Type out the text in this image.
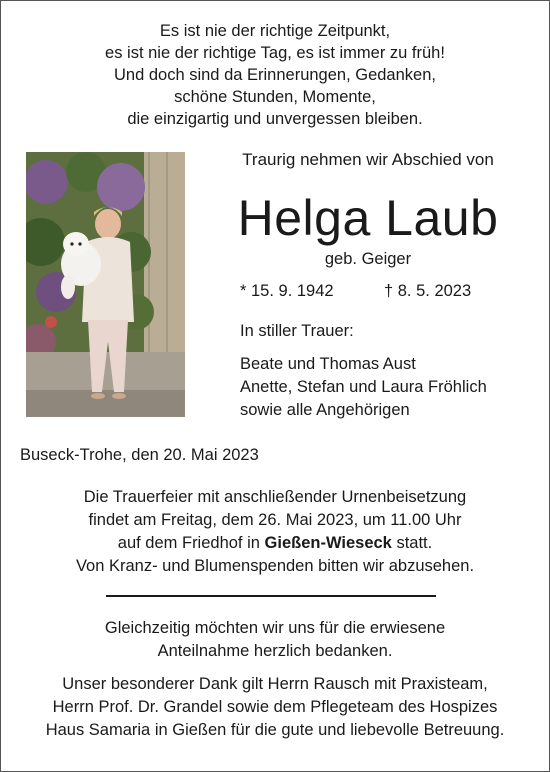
Es ist nie der richtige Zeitpunkt,
es ist nie der richtige Tag, es ist immer zu früh!
Und doch sind da Erinnerungen, Gedanken,
schöne Stunden, Momente,
die einzigartig und unvergessen bleiben.
Traurig nehmen wir Abschied von
Helga Laub
geb. Geiger
* 15. 9. 1942	† 8. 5. 2023
In stiller Trauer:
Beate und Thomas Aust
Anette, Stefan und Laura Fröhlich
sowie alle Angehörigen
Buseck-Trohe, den 20. Mai 2023
Die Trauerfeier mit anschließender Urnenbeisetzung
findet am Freitag, dem 26. Mai 2023, um 11.00 Uhr
auf dem Friedhof in Gießen-Wieseck statt.
Von Kranz- und Blumenspenden bitten wir abzusehen.
Gleichzeitig möchten wir uns für die erwiesene
Anteilnahme herzlich bedanken.
Unser besonderer Dank gilt Herrn Rausch mit Praxisteam,
Herrn Prof. Dr. Grandel sowie dem Pflegeteam des Hospizes
Haus Samaria in Gießen für die gute und liebevolle Betreuung.
